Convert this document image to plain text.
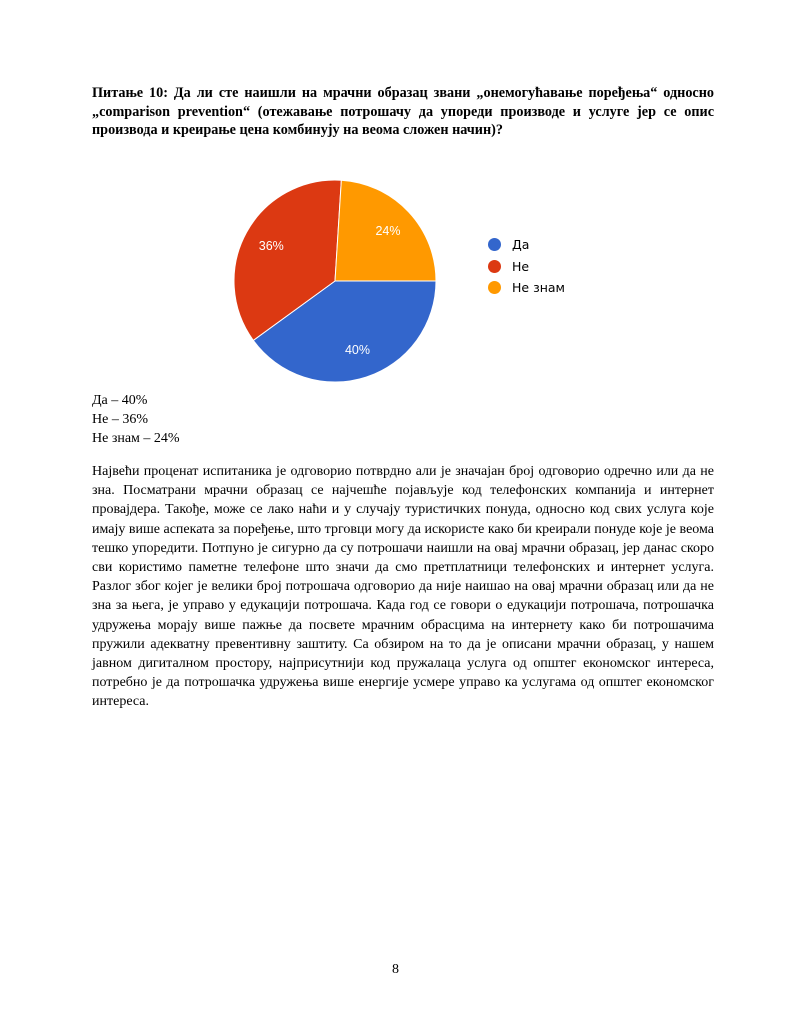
Питање 10: Да ли сте наишли на мрачни образац звани „онемогућавање поређења“ односно „comparison prevention“ (отежавање потрошачу да упореди производе и услуге јер се опис производа и креирање цена комбинују на веома сложен начин)?
40%
36%
24%
Да
Не
Не знам
Да – 40%
Не – 36%
Не знам – 24%
Највећи проценат испитаника је одговорио потврдно али је значајан број одговорио одречно или да не зна. Посматрани мрачни образац се најчешће појављује код телефонских компанија и интернет провајдера. Такође, може се лако наћи и у случају туристичких понуда, односно код свих услуга које имају више аспеката за поређење, што трговци могу да искористе како би креирали понуде које је веома тешко упоредити. Потпуно је сигурно да су потрошачи наишли на овај мрачни образац, јер данас скоро сви користимо паметне телефоне што значи да смо претплатници телефонских и интернет услуга. Разлог због којег је велики број потрошача одговорио да није наишао на овај мрачни образац или да не зна за њега, је управо у едукацији потрошача. Када год се говори о едукацији потрошача, потрошачка удружења морају више пажње да посвете мрачним обрасцима на интернету како би потрошачима пружили адекватну превентивну заштиту. Са обзиром на то да је описани мрачни образац, у нашем јавном дигиталном простору, најприсутнији код пружалаца услуга од општег економског интереса, потребно је да потрошачка удружења више енергије усмере управо ка услугама од општег економског интереса.
8
